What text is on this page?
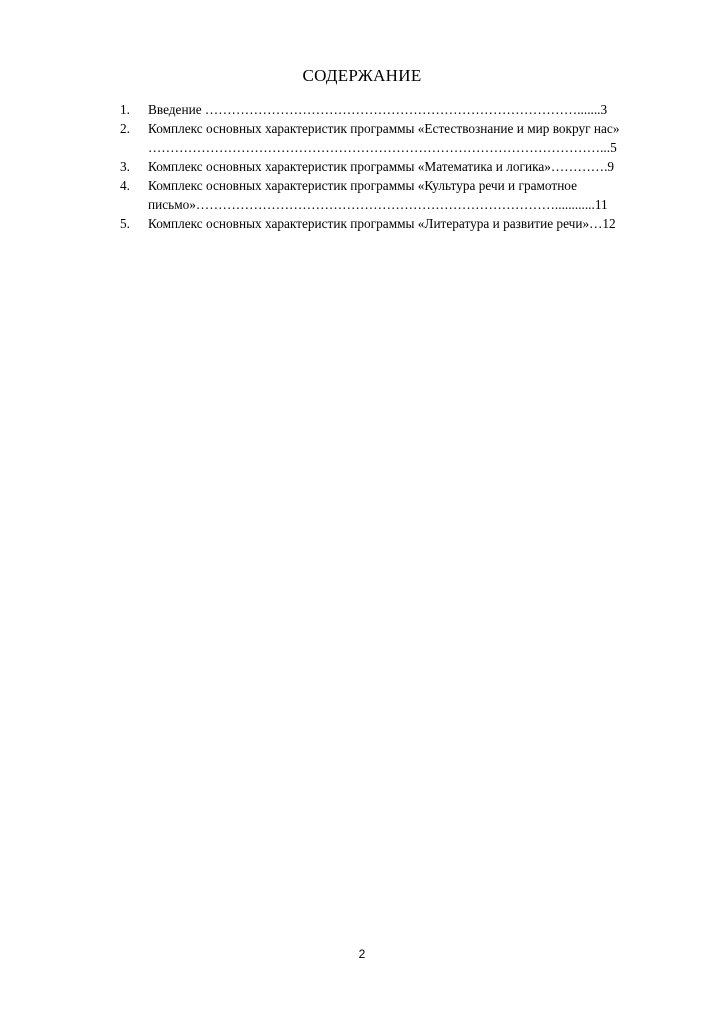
СОДЕРЖАНИЕ
1.	Введение ………………………………………………………………………….......3
2.	Комплекс основных характеристик программы «Естествознание и мир вокруг нас»
…………………………………………………………………………………………...5
3.	Комплекс основных характеристик программы «Математика и логика»………….9
4.	Комплекс основных характеристик программы «Культура речи и грамотное
письмо»………………………………………………………………………............11
5.	Комплекс основных характеристик программы «Литература и развитие речи»…12
2
